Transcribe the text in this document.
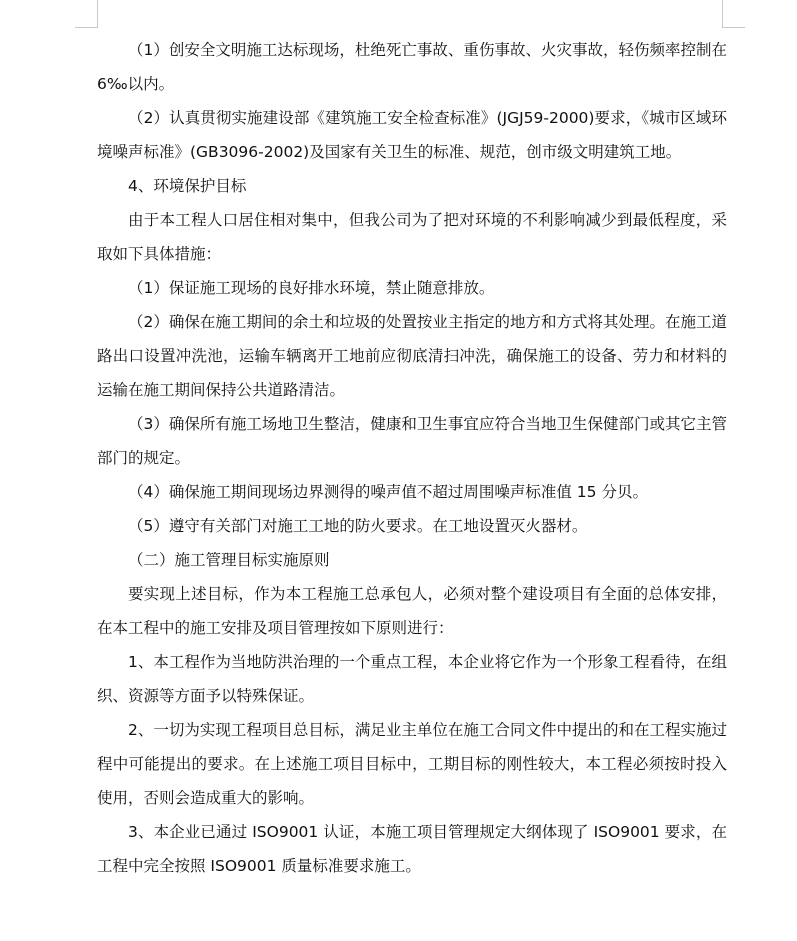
（1）创安全文明施工达标现场，杜绝死亡事故、重伤事故、火灾事故，轻伤频率控制在 6‰以内。

（2）认真贯彻实施建设部《建筑施工安全检查标准》(JGJ59-2000)要求，《城市区域环境噪声标准》(GB3096-2002)及国家有关卫生的标准、规范，创市级文明建筑工地。

4、环境保护目标

由于本工程人口居住相对集中，但我公司为了把对环境的不利影响减少到最低程度，采取如下具体措施：

（1）保证施工现场的良好排水环境，禁止随意排放。

（2）确保在施工期间的余土和垃圾的处置按业主指定的地方和方式将其处理。在施工道路出口设置冲洗池，运输车辆离开工地前应彻底清扫冲洗，确保施工的设备、劳力和材料的运输在施工期间保持公共道路清洁。

（3）确保所有施工场地卫生整洁，健康和卫生事宜应符合当地卫生保健部门或其它主管部门的规定。

（4）确保施工期间现场边界测得的噪声值不超过周围噪声标准值 15 分贝。

（5）遵守有关部门对施工工地的防火要求。在工地设置灭火器材。

（二）施工管理目标实施原则

要实现上述目标，作为本工程施工总承包人，必须对整个建设项目有全面的总体安排，在本工程中的施工安排及项目管理按如下原则进行：

1、本工程作为当地防洪治理的一个重点工程，本企业将它作为一个形象工程看待，在组织、资源等方面予以特殊保证。

2、一切为实现工程项目总目标，满足业主单位在施工合同文件中提出的和在工程实施过程中可能提出的要求。在上述施工项目目标中，工期目标的刚性较大，本工程必须按时投入使用，否则会造成重大的影响。

3、本企业已通过 ISO9001 认证，本施工项目管理规定大纲体现了 ISO9001 要求，在工程中完全按照 ISO9001 质量标准要求施工。
